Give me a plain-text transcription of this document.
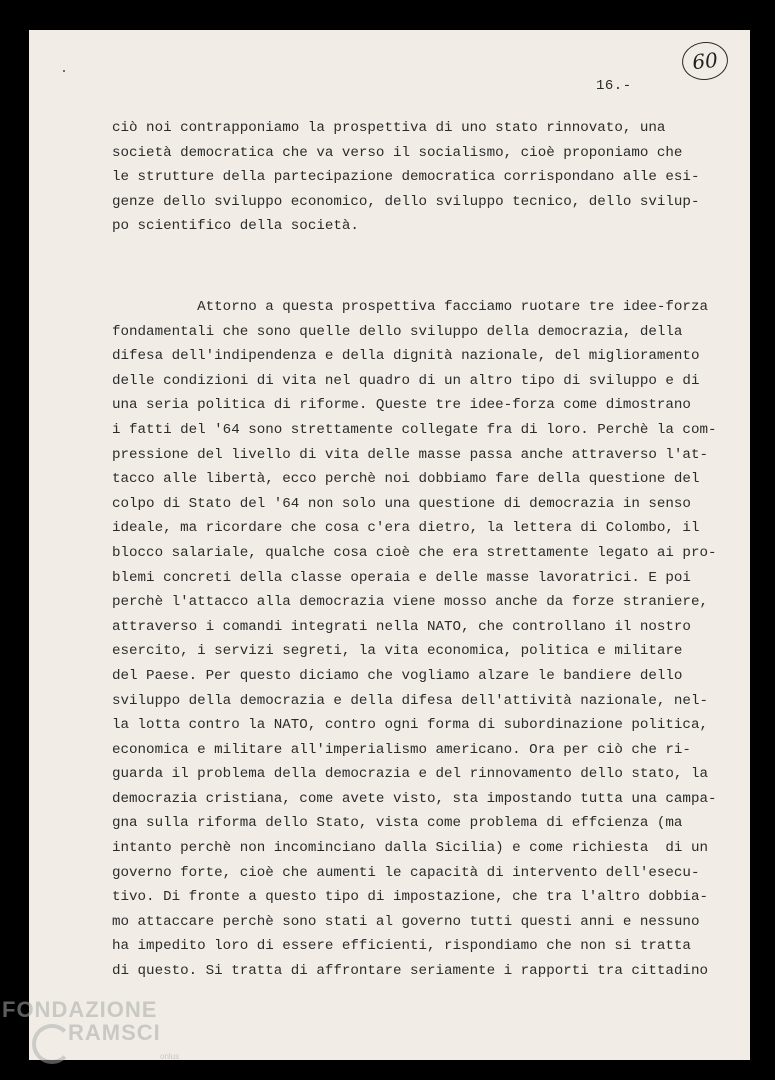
60
16.-
ciò noi contrapponiamo la prospettiva di uno stato rinnovato, una
società democratica che va verso il socialismo, cioè proponiamo che
le strutture della partecipazione democratica corrispondano alle esi-
genze dello sviluppo economico, dello sviluppo tecnico, dello svilup-
po scientifico della società.
Attorno a questa prospettiva facciamo ruotare tre idee-forza
fondamentali che sono quelle dello sviluppo della democrazia, della
difesa dell'indipendenza e della dignità nazionale, del miglioramento
delle condizioni di vita nel quadro di un altro tipo di sviluppo e di
una seria politica di riforme. Queste tre idee-forza come dimostrano
i fatti del '64 sono strettamente collegate fra di loro. Perchè la com-
pressione del livello di vita delle masse passa anche attraverso l'at-
tacco alle libertà, ecco perchè noi dobbiamo fare della questione del
colpo di Stato del '64 non solo una questione di democrazia in senso
ideale, ma ricordare che cosa c'era dietro, la lettera di Colombo, il
blocco salariale, qualche cosa cioè che era strettamente legato ai pro-
blemi concreti della classe operaia e delle masse lavoratrici. E poi
perchè l'attacco alla democrazia viene mosso anche da forze straniere,
attraverso i comandi integrati nella NATO, che controllano il nostro
esercito, i servizi segreti, la vita economica, politica e militare
del Paese. Per questo diciamo che vogliamo alzare le bandiere dello
sviluppo della democrazia e della difesa dell'attività nazionale, nel-
la lotta contro la NATO, contro ogni forma di subordinazione politica,
economica e militare all'imperialismo americano. Ora per ciò che ri-
guarda il problema della democrazia e del rinnovamento dello stato, la
democrazia cristiana, come avete visto, sta impostando tutta una campa-
gna sulla riforma dello Stato, vista come problema di effcienza (ma
intanto perchè non incominciano dalla Sicilia) e come richiesta  di un
governo forte, cioè che aumenti le capacità di intervento dell'esecu-
tivo. Di fronte a questo tipo di impostazione, che tra l'altro dobbia-
mo attaccare perchè sono stati al governo tutti questi anni e nessuno
ha impedito loro di essere efficienti, rispondiamo che non si tratta
di questo. Si tratta di affrontare seriamente i rapporti tra cittadino
FONDAZIONE
RAMSCI
onlus
